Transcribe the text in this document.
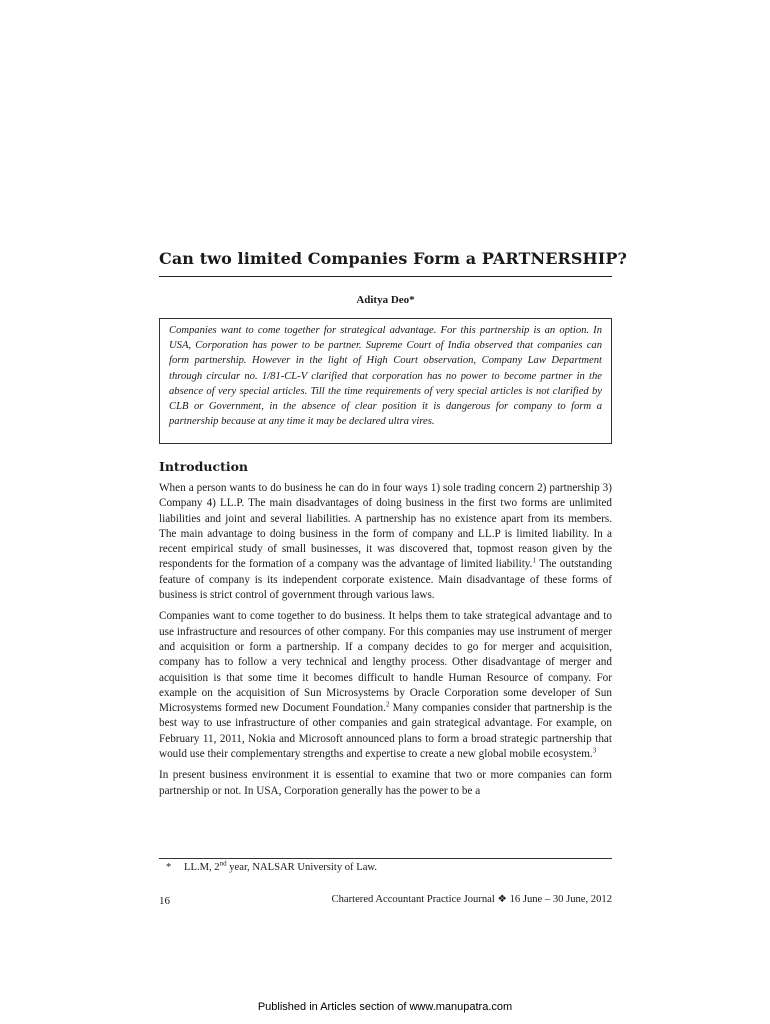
Can two limited Companies Form a PARTNERSHIP?

Aditya Deo*

Companies want to come together for strategical advantage. For this partnership is an option. In USA, Corporation has power to be partner. Supreme Court of India observed that companies can form partnership. However in the light of High Court observation, Company Law Department through circular no. 1/81-CL-V clarified that corporation has no power to become partner in the absence of very special articles. Till the time requirements of very special articles is not clarified by CLB or Government, in the absence of clear position it is dangerous for company to form a partnership because at any time it may be declared ultra vires.

Introduction

When a person wants to do business he can do in four ways 1) sole trading concern 2) partnership 3) Company 4) LL.P. The main disadvantages of doing business in the first two forms are unlimited liabilities and joint and several liabilities. A partnership has no existence apart from its members. The main advantage to doing business in the form of company and LL.P is limited liability. In a recent empirical study of small businesses, it was discovered that, topmost reason given by the respondents for the formation of a company was the advantage of limited liability.$^1$ The outstanding feature of company is its independent corporate existence. Main disadvantage of these forms of business is strict control of government through various laws.

Companies want to come together to do business. It helps them to take strategical advantage and to use infrastructure and resources of other company. For this companies may use instrument of merger and acquisition or form a partnership. If a company decides to go for merger and acquisition, company has to follow a very technical and lengthy process. Other disadvantage of merger and acquisition is that some time it becomes difficult to handle Human Resource of company. For example on the acquisition of Sun Microsystems by Oracle Corporation some developer of Sun Microsystems formed new Document Foundation.$^2$ Many companies consider that partnership is the best way to use infrastructure of other companies and gain strategical advantage. For example, on February 11, 2011, Nokia and Microsoft announced plans to form a broad strategic partnership that would use their complementary strengths and expertise to create a new global mobile ecosystem.$^3$

In present business environment it is essential to examine that two or more companies can form partnership or not. In USA, Corporation generally has the power to be a

* LL.M, 2nd year, NALSAR University of Law.

16	Chartered Accountant Practice Journal ❖ 16 June – 30 June, 2012

Published in Articles section of www.manupatra.com
